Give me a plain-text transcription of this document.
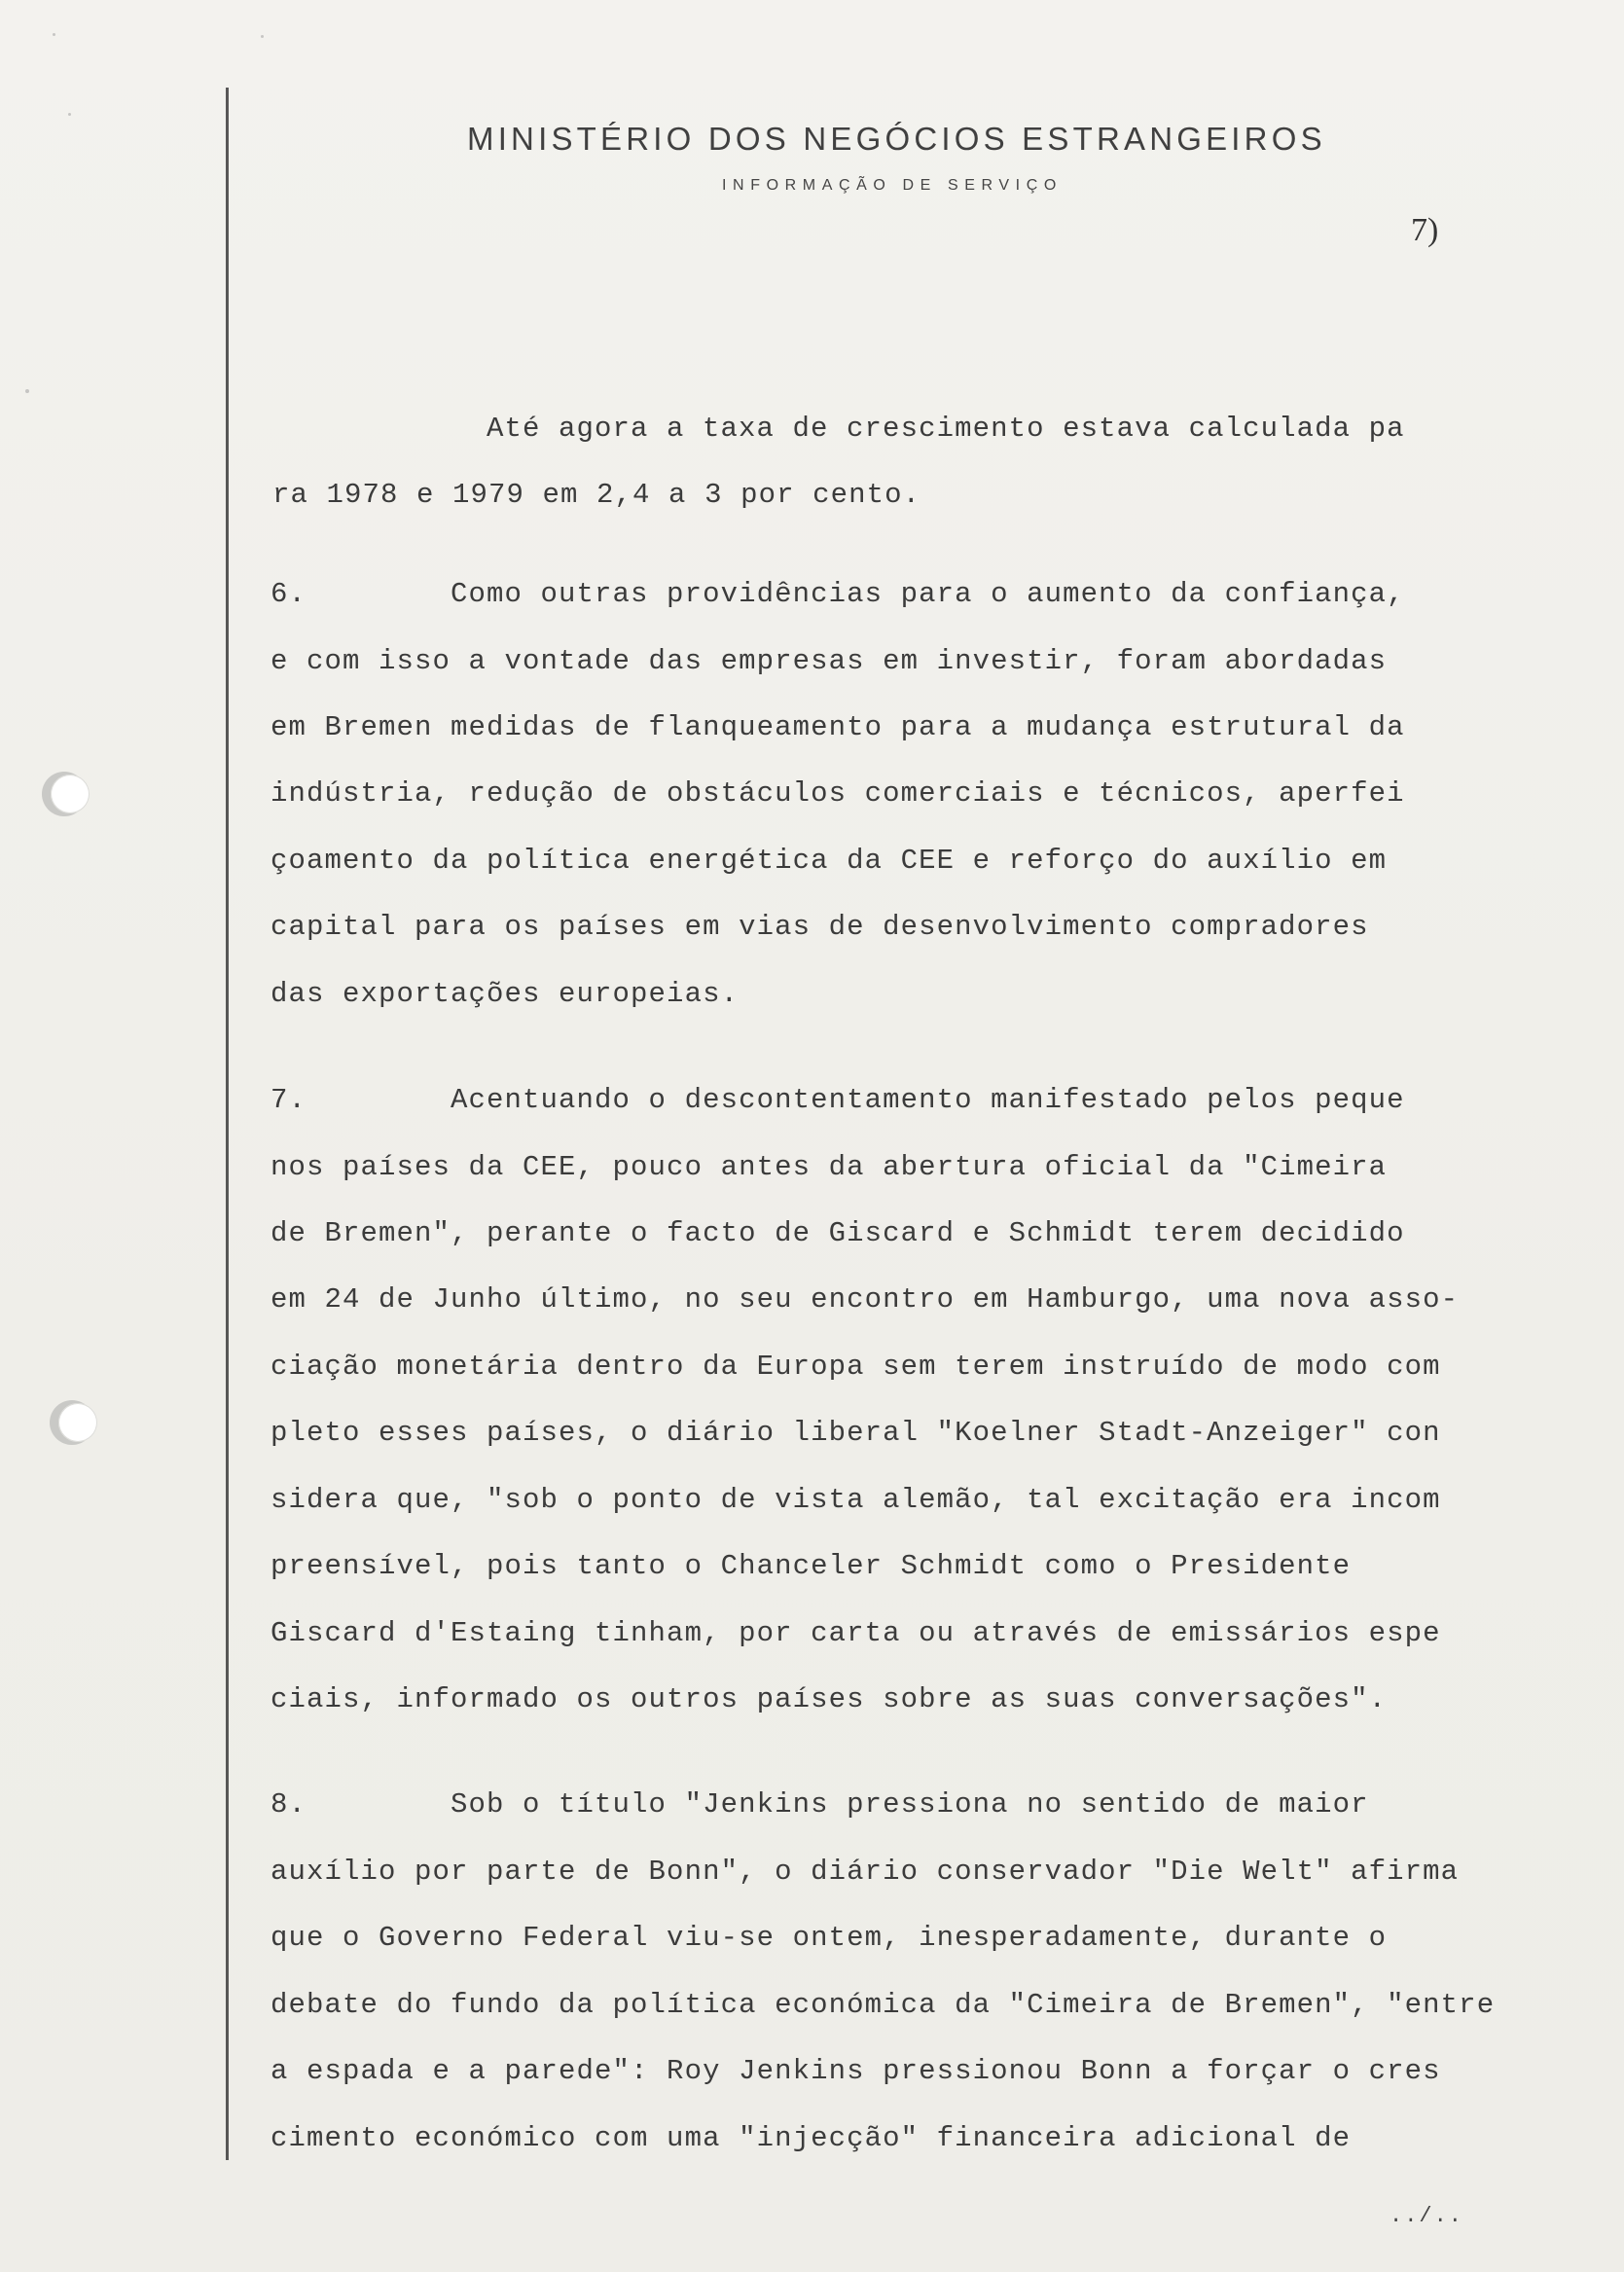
MINISTÉRIO DOS NEGÓCIOS ESTRANGEIROS
INFORMAÇÃO DE SERVIÇO
7)
Até agora a taxa de crescimento estava calculada pa
ra 1978 e 1979 em 2,4 a 3 por cento.
6.        Como outras providências para o aumento da confiança,
e com isso a vontade das empresas em investir, foram abordadas
em Bremen medidas de flanqueamento para a mudança estrutural da
indústria, redução de obstáculos comerciais e técnicos, aperfei
çoamento da política energética da CEE e reforço do auxílio em
capital para os países em vias de desenvolvimento compradores
das exportações europeias.
7.        Acentuando o descontentamento manifestado pelos peque
nos países da CEE, pouco antes da abertura oficial da "Cimeira
de Bremen", perante o facto de Giscard e Schmidt terem decidido
em 24 de Junho último, no seu encontro em Hamburgo, uma nova asso-
ciação monetária dentro da Europa sem terem instruído de modo com
pleto esses países, o diário liberal "Koelner Stadt-Anzeiger" con
sidera que, "sob o ponto de vista alemão, tal excitação era incom
preensível, pois tanto o Chanceler Schmidt como o Presidente
Giscard d'Estaing tinham, por carta ou através de emissários espe
ciais, informado os outros países sobre as suas conversações".
8.        Sob o título "Jenkins pressiona no sentido de maior
auxílio por parte de Bonn", o diário conservador "Die Welt" afirma
que o Governo Federal viu-se ontem, inesperadamente, durante o
debate do fundo da política económica da "Cimeira de Bremen", "entre
a espada e a parede": Roy Jenkins pressionou Bonn a forçar o cres
cimento económico com uma "injecção" financeira adicional de
../..
